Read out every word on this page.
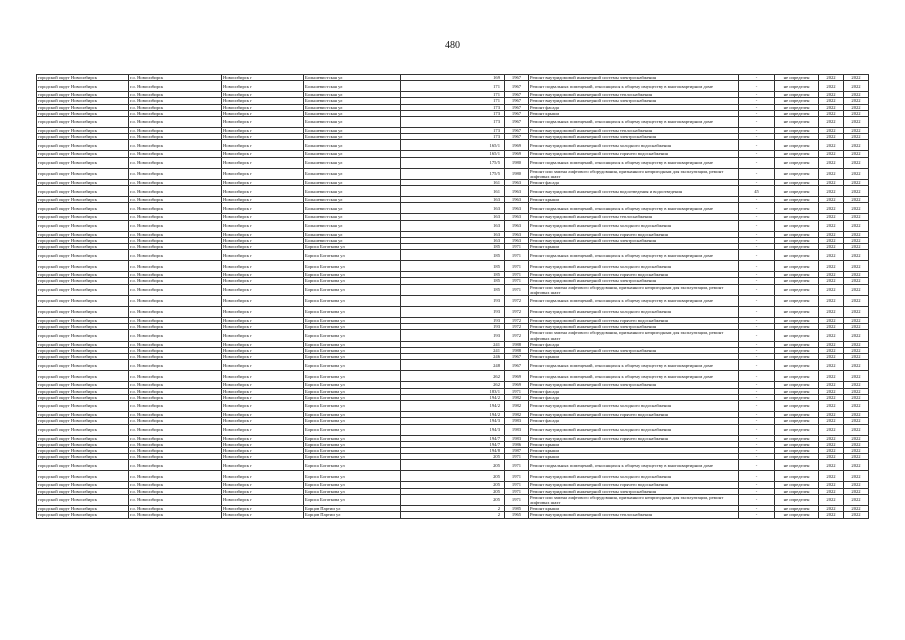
480
городской округ Новосибирск	г.о. Новосибирск	Новосибирск г	Большевистская ул	169	1967	Ремонт внутридомовой инженерной системы электроснабжения	-	не определен	2022	2022
городской округ Новосибирск	г.о. Новосибирск	Новосибирск г	Большевистская ул	171	1967	Ремонт подвальных помещений, относящихся к общему имуществу в многоквартирном доме	-	не определен	2022	2022
городской округ Новосибирск	г.о. Новосибирск	Новосибирск г	Большевистская ул	171	1967	Ремонт внутридомовой инженерной системы теплоснабжения	-	не определен	2022	2022
городской округ Новосибирск	г.о. Новосибирск	Новосибирск г	Большевистская ул	171	1967	Ремонт внутридомовой инженерной системы электроснабжения	-	не определен	2022	2022
городской округ Новосибирск	г.о. Новосибирск	Новосибирск г	Большевистская ул	173	1967	Ремонт фасада	-	не определен	2022	2022
городской округ Новосибирск	г.о. Новосибирск	Новосибирск г	Большевистская ул	173	1967	Ремонт крыши	-	не определен	2022	2022
городской округ Новосибирск	г.о. Новосибирск	Новосибирск г	Большевистская ул	173	1967	Ремонт подвальных помещений, относящихся к общему имуществу в многоквартирном доме	-	не определен	2022	2022
городской округ Новосибирск	г.о. Новосибирск	Новосибирск г	Большевистская ул	173	1967	Ремонт внутридомовой инженерной системы теплоснабжения	-	не определен	2022	2022
городской округ Новосибирск	г.о. Новосибирск	Новосибирск г	Большевистская ул	173	1967	Ремонт внутридомовой инженерной системы электроснабжения	-	не определен	2022	2022
городской округ Новосибирск	г.о. Новосибирск	Новосибирск г	Большевистская ул	165/1	1969	Ремонт внутридомовой инженерной системы холодного водоснабжения	-	не определен	2022	2022
городской округ Новосибирск	г.о. Новосибирск	Новосибирск г	Большевистская ул	165/1	1969	Ремонт внутридомовой инженерной системы горячего водоснабжения	-	не определен	2022	2022
городской округ Новосибирск	г.о. Новосибирск	Новосибирск г	Большевистская ул	175/5	1980	Ремонт подвальных помещений, относящихся к общему имуществу в многоквартирном доме	-	не определен	2022	2022
городской округ Новосибирск	г.о. Новосибирск	Новосибирск г	Большевистская ул	175/5	1980	Ремонт или замена лифтового оборудования, признанного непригодным для эксплуатации, ремонт лифтовых шахт	-	не определен	2022	2022
городской округ Новосибирск	г.о. Новосибирск	Новосибирск г	Большевистская ул	161	1963	Ремонт фасада	-	не определен	2022	2022
городской округ Новосибирск	г.о. Новосибирск	Новосибирск г	Большевистская ул	161	1963	Ремонт внутридомовой инженерной системы водоотведения и водоотведения	45	не определен	2022	2022
городской округ Новосибирск	г.о. Новосибирск	Новосибирск г	Большевистская ул	163	1963	Ремонт крыши	-	не определен	2022	2022
городской округ Новосибирск	г.о. Новосибирск	Новосибирск г	Большевистская ул	163	1963	Ремонт подвальных помещений, относящихся к общему имуществу в многоквартирном доме	-	не определен	2022	2022
городской округ Новосибирск	г.о. Новосибирск	Новосибирск г	Большевистская ул	163	1963	Ремонт внутридомовой инженерной системы теплоснабжения	-	не определен	2022	2022
городской округ Новосибирск	г.о. Новосибирск	Новосибирск г	Большевистская ул	163	1963	Ремонт внутридомовой инженерной системы холодного водоснабжения	-	не определен	2022	2022
городской округ Новосибирск	г.о. Новосибирск	Новосибирск г	Большевистская ул	163	1963	Ремонт внутридомовой инженерной системы горячего водоснабжения	-	не определен	2022	2022
городской округ Новосибирск	г.о. Новосибирск	Новосибирск г	Большевистская ул	163	1963	Ремонт внутридомовой инженерной системы электроснабжения	-	не определен	2022	2022
городской округ Новосибирск	г.о. Новосибирск	Новосибирск г	Бориса Богаткова ул	185	1971	Ремонт крыши	-	не определен	2022	2022
городской округ Новосибирск	г.о. Новосибирск	Новосибирск г	Бориса Богаткова ул	185	1971	Ремонт подвальных помещений, относящихся к общему имуществу в многоквартирном доме	-	не определен	2022	2022
городской округ Новосибирск	г.о. Новосибирск	Новосибирск г	Бориса Богаткова ул	185	1971	Ремонт внутридомовой инженерной системы холодного водоснабжения	-	не определен	2022	2022
городской округ Новосибирск	г.о. Новосибирск	Новосибирск г	Бориса Богаткова ул	185	1971	Ремонт внутридомовой инженерной системы горячего водоснабжения	-	не определен	2022	2022
городской округ Новосибирск	г.о. Новосибирск	Новосибирск г	Бориса Богаткова ул	185	1971	Ремонт внутридомовой инженерной системы электроснабжения	-	не определен	2022	2022
городской округ Новосибирск	г.о. Новосибирск	Новосибирск г	Бориса Богаткова ул	185	1971	Ремонт или замена лифтового оборудования, признанного непригодным для эксплуатации, ремонт лифтовых шахт	-	не определен	2022	2022
городской округ Новосибирск	г.о. Новосибирск	Новосибирск г	Бориса Богаткова ул	193	1972	Ремонт подвальных помещений, относящихся к общему имуществу в многоквартирном доме	-	не определен	2022	2022
городской округ Новосибирск	г.о. Новосибирск	Новосибирск г	Бориса Богаткова ул	193	1972	Ремонт внутридомовой инженерной системы холодного водоснабжения	-	не определен	2022	2022
городской округ Новосибирск	г.о. Новосибирск	Новосибирск г	Бориса Богаткова ул	193	1972	Ремонт внутридомовой инженерной системы горячего водоснабжения	-	не определен	2022	2022
городской округ Новосибирск	г.о. Новосибирск	Новосибирск г	Бориса Богаткова ул	193	1972	Ремонт внутридомовой инженерной системы электроснабжения	-	не определен	2022	2022
городской округ Новосибирск	г.о. Новосибирск	Новосибирск г	Бориса Богаткова ул	193	1972	Ремонт или замена лифтового оборудования, признанного непригодным для эксплуатации, ремонт лифтовых шахт	-	не определен	2022	2022
городской округ Новосибирск	г.о. Новосибирск	Новосибирск г	Бориса Богаткова ул	241	1988	Ремонт фасада	-	не определен	2022	2022
городской округ Новосибирск	г.о. Новосибирск	Новосибирск г	Бориса Богаткова ул	241	1988	Ремонт внутридомовой инженерной системы электроснабжения	-	не определен	2022	2022
городской округ Новосибирск	г.о. Новосибирск	Новосибирск г	Бориса Богаткова ул	246	1967	Ремонт крыши	-	не определен	2022	2022
городской округ Новосибирск	г.о. Новосибирск	Новосибирск г	Бориса Богаткова ул	248	1967	Ремонт подвальных помещений, относящихся к общему имуществу в многоквартирном доме	-	не определен	2022	2022
городской округ Новосибирск	г.о. Новосибирск	Новосибирск г	Бориса Богаткова ул	262	1969	Ремонт подвальных помещений, относящихся к общему имуществу в многоквартирном доме	-	не определен	2022	2022
городской округ Новосибирск	г.о. Новосибирск	Новосибирск г	Бориса Богаткова ул	262	1969	Ремонт внутридомовой инженерной системы электроснабжения	-	не определен	2022	2022
городской округ Новосибирск	г.о. Новосибирск	Новосибирск г	Бориса Богаткова ул	183/1	1971	Ремонт фасада	-	не определен	2022	2022
городской округ Новосибирск	г.о. Новосибирск	Новосибирск г	Бориса Богаткова ул	194/2	1982	Ремонт фасада	-	не определен	2022	2022
городской округ Новосибирск	г.о. Новосибирск	Новосибирск г	Бориса Богаткова ул	194/2	1982	Ремонт внутридомовой инженерной системы холодного водоснабжения	-	не определен	2022	2022
городской округ Новосибирск	г.о. Новосибирск	Новосибирск г	Бориса Богаткова ул	194/2	1982	Ремонт внутридомовой инженерной системы горячего водоснабжения	-	не определен	2022	2022
городской округ Новосибирск	г.о. Новосибирск	Новосибирск г	Бориса Богаткова ул	194/3	1983	Ремонт фасада	-	не определен	2022	2022
городской округ Новосибирск	г.о. Новосибирск	Новосибирск г	Бориса Богаткова ул	194/3	1983	Ремонт внутридомовой инженерной системы холодного водоснабжения	-	не определен	2022	2022
городской округ Новосибирск	г.о. Новосибирск	Новосибирск г	Бориса Богаткова ул	194/7	1983	Ремонт внутридомовой инженерной системы горячего водоснабжения	-	не определен	2022	2022
городской округ Новосибирск	г.о. Новосибирск	Новосибирск г	Бориса Богаткова ул	194/7	1986	Ремонт крыши	-	не определен	2022	2022
городской округ Новосибирск	г.о. Новосибирск	Новосибирск г	Бориса Богаткова ул	194/8	1987	Ремонт крыши	-	не определен	2022	2022
городской округ Новосибирск	г.о. Новосибирск	Новосибирск г	Бориса Богаткова ул	205	1971	Ремонт крыши	-	не определен	2022	2022
городской округ Новосибирск	г.о. Новосибирск	Новосибирск г	Бориса Богаткова ул	205	1971	Ремонт подвальных помещений, относящихся к общему имуществу в многоквартирном доме	-	не определен	2022	2022
городской округ Новосибирск	г.о. Новосибирск	Новосибирск г	Бориса Богаткова ул	205	1971	Ремонт внутридомовой инженерной системы холодного водоснабжения	-	не определен	2022	2022
городской округ Новосибирск	г.о. Новосибирск	Новосибирск г	Бориса Богаткова ул	205	1971	Ремонт внутридомовой инженерной системы горячего водоснабжения	-	не определен	2022	2022
городской округ Новосибирск	г.о. Новосибирск	Новосибирск г	Бориса Богаткова ул	205	1971	Ремонт внутридомовой инженерной системы электроснабжения	-	не определен	2022	2022
городской округ Новосибирск	г.о. Новосибирск	Новосибирск г	Бориса Богаткова ул	205	1971	Ремонт или замена лифтового оборудования, признанного непригодным для эксплуатации, ремонт лифтовых шахт	-	не определен	2022	2022
городской округ Новосибирск	г.о. Новосибирск	Новосибирск г	Борцов Партии ул	2	1985	Ремонт крыши	-	не определен	2022	2022
городской округ Новосибирск	г.о. Новосибирск	Новосибирск г	Борцов Партии ул	2	1965	Ремонт внутридомовой инженерной системы теплоснабжения	-	не определен	2022	2022
